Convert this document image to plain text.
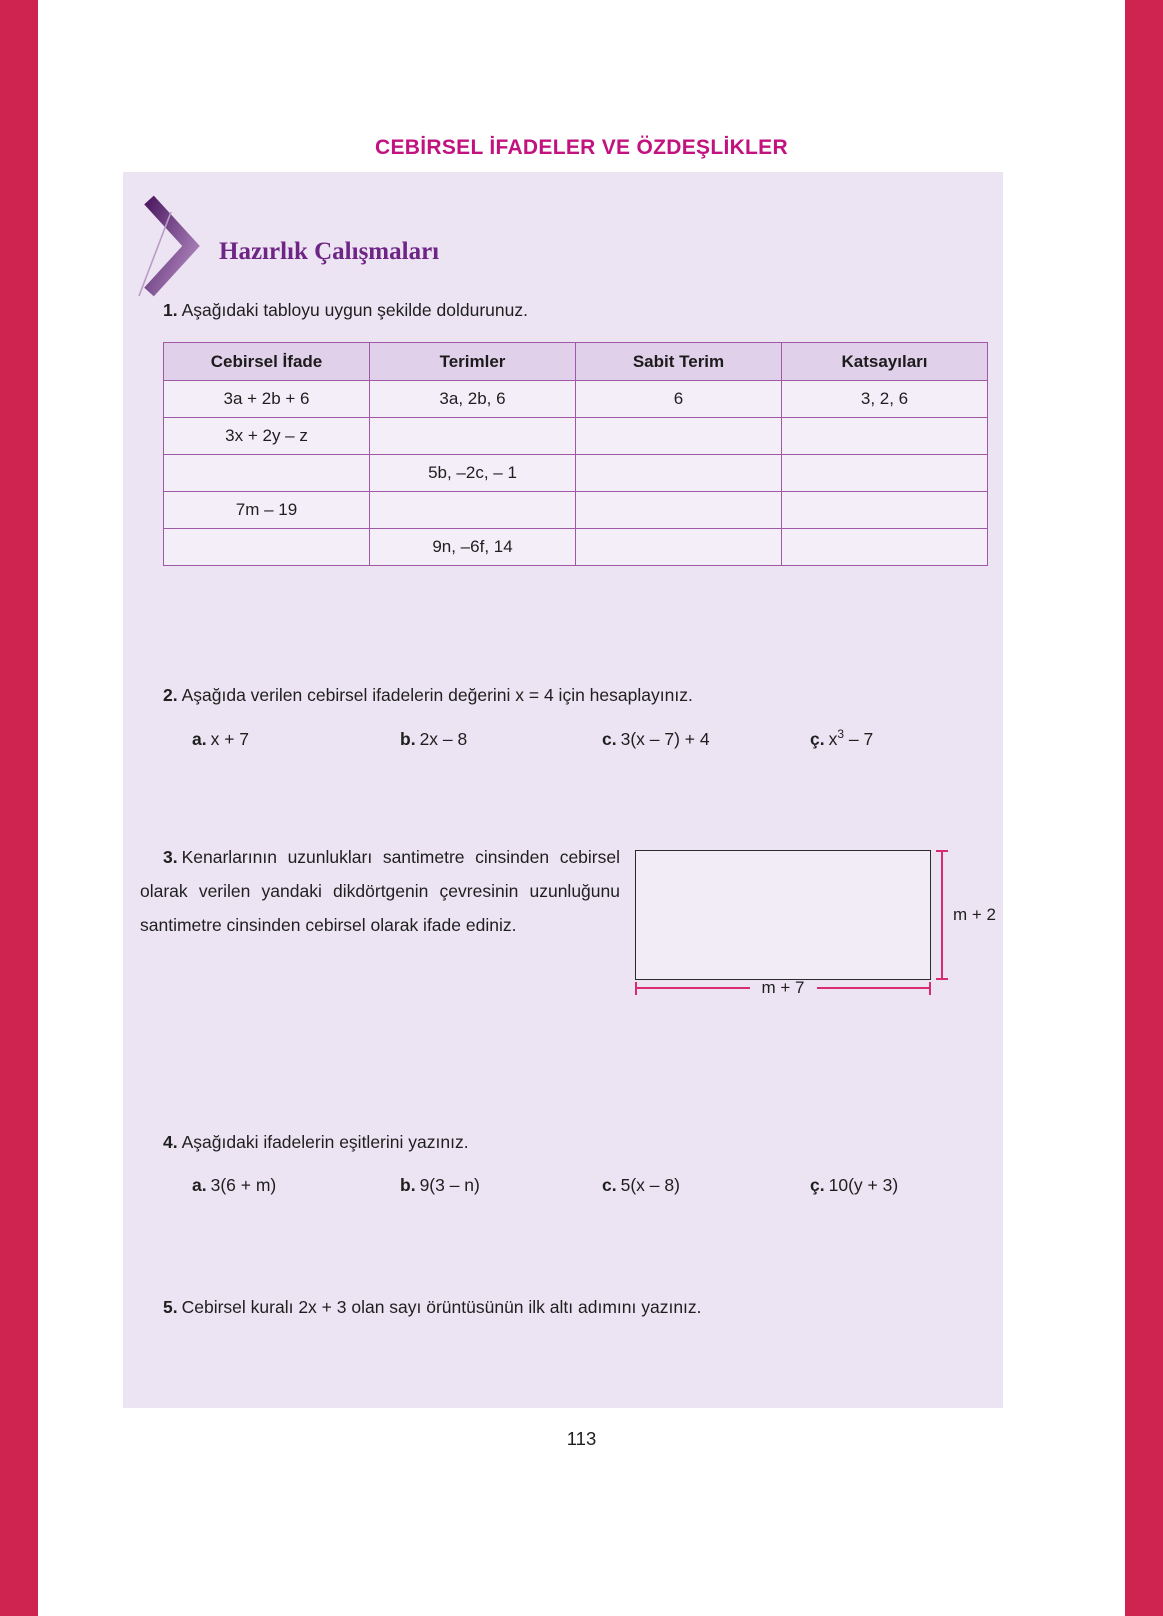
CEBİRSEL İFADELER VE ÖZDEŞLİKLER
Hazırlık Çalışmaları

1. Aşağıdaki tabloyu uygun şekilde doldurunuz.

Cebirsel İfade	Terimler	Sabit Terim	Katsayıları
3a + 2b + 6	3a, 2b, 6	6	3, 2, 6
3x + 2y – z			
	5b, –2c, – 1		
7m – 19			
	9n, –6f, 14		

2. Aşağıda verilen cebirsel ifadelerin değerini x = 4 için hesaplayınız.

a. x + 7	b. 2x – 8	c. 3(x – 7) + 4	ç. $x^3 - 7$

3. Kenarlarının uzunlukları santimetre cinsinden cebirsel olarak verilen yandaki dikdörtgenin çevresinin uzunluğunu santimetre cinsinden cebirsel olarak ifade ediniz.

m + 2
m + 7

4. Aşağıdaki ifadelerin eşitlerini yazınız.

a. 3(6 + m)	b. 9(3 – n)	c. 5(x – 8)	ç. 10(y + 3)

5. Cebirsel kuralı 2x + 3 olan sayı örüntüsünün ilk altı adımını yazınız.

113
